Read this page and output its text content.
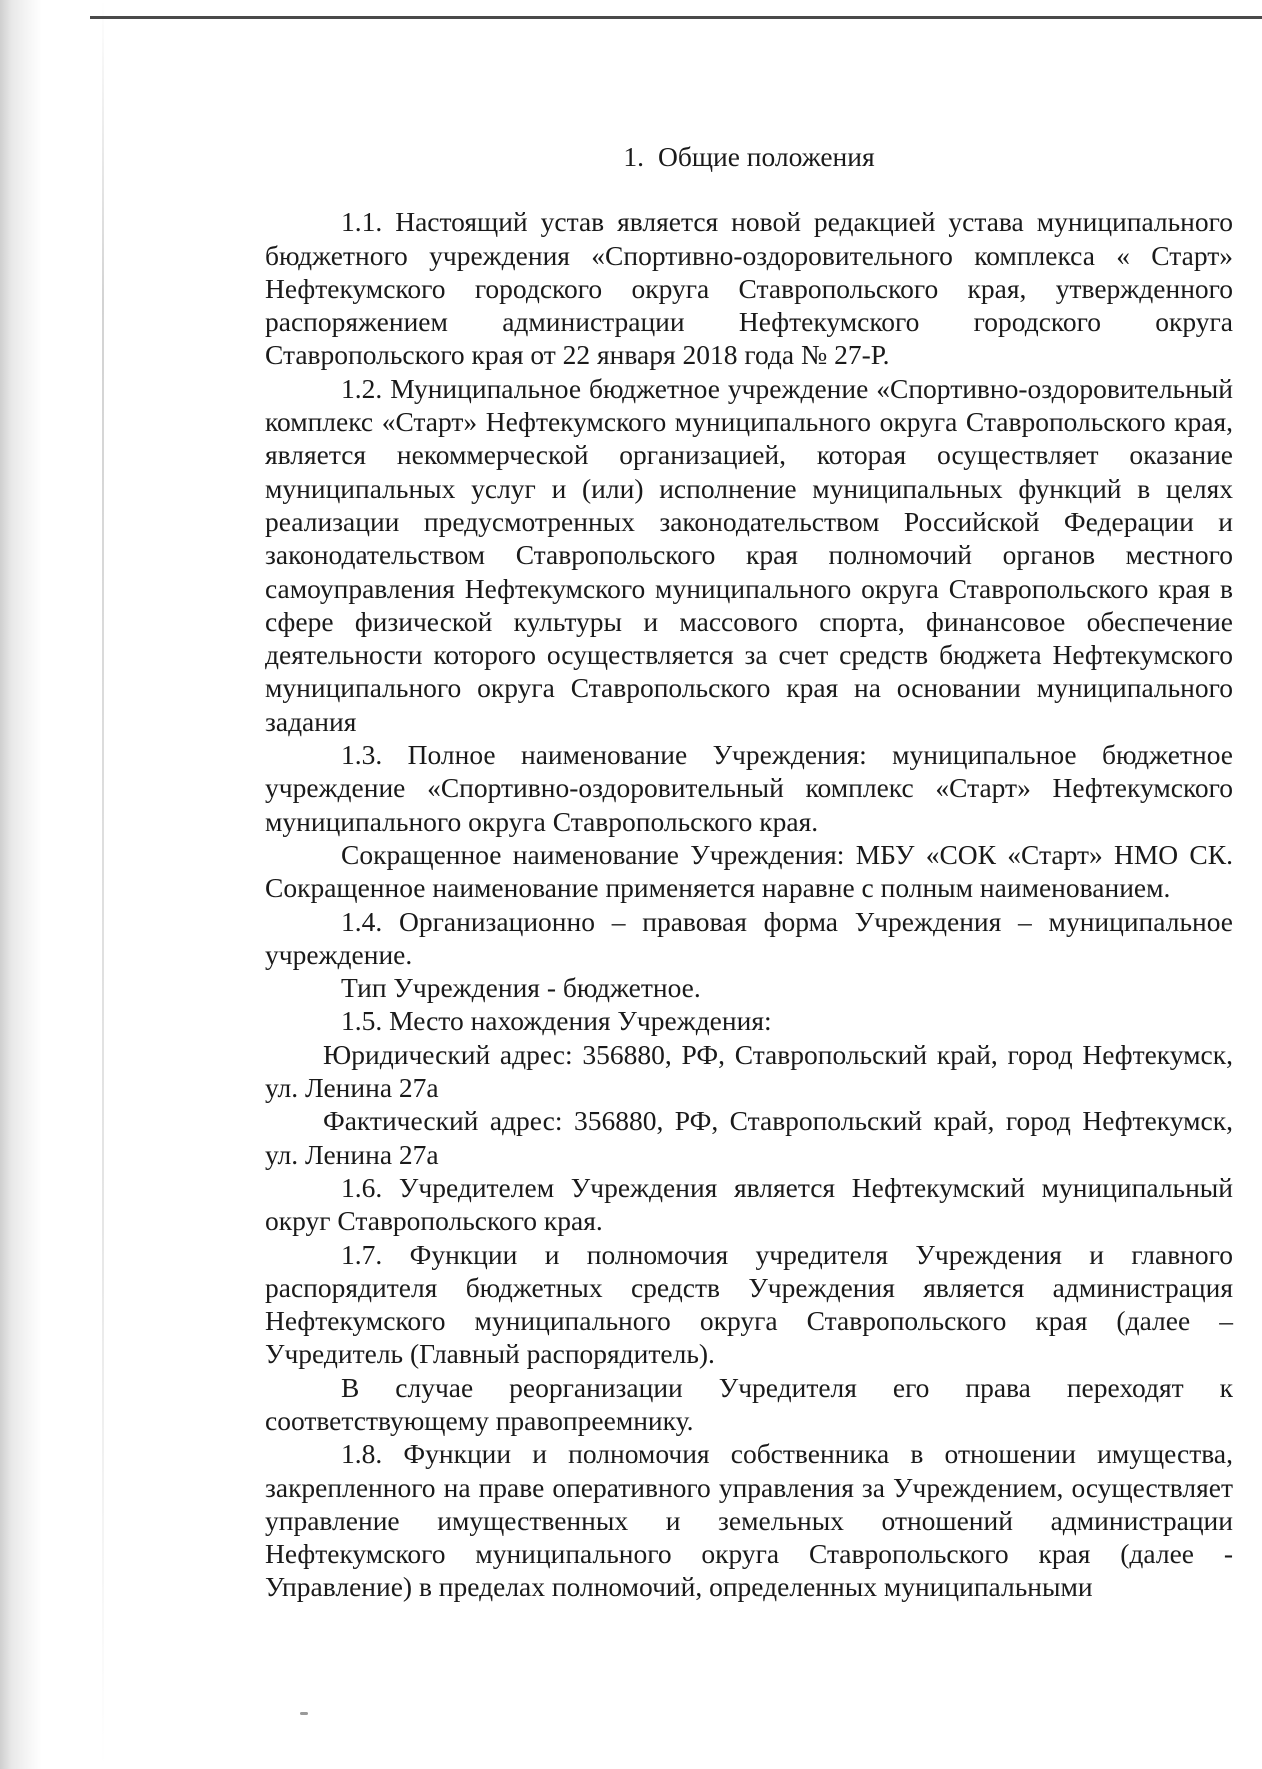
1. Общие положения

1.1. Настоящий устав является новой редакцией устава муниципального бюджетного учреждения «Спортивно-оздоровительного комплекса « Старт» Нефтекумского городского округа Ставропольского края, утвержденного распоряжением администрации Нефтекумского городского округа Ставропольского края от 22 января 2018 года № 27-Р.

1.2. Муниципальное бюджетное учреждение «Спортивно-оздоровительный комплекс «Старт» Нефтекумского муниципального округа Ставропольского края, является некоммерческой организацией, которая осуществляет оказание муниципальных услуг и (или) исполнение муниципальных функций в целях реализации предусмотренных законодательством Российской Федерации и законодательством Ставропольского края полномочий органов местного самоуправления Нефтекумского муниципального округа Ставропольского края в сфере физической культуры и массового спорта, финансовое обеспечение деятельности которого осуществляется за счет средств бюджета Нефтекумского муниципального округа Ставропольского края на основании муниципального задания

1.3. Полное наименование Учреждения: муниципальное бюджетное учреждение «Спортивно-оздоровительный комплекс «Старт» Нефтекумского муниципального округа Ставропольского края.

Сокращенное наименование Учреждения: МБУ «СОК «Старт» НМО СК. Сокращенное наименование применяется наравне с полным наименованием.

1.4. Организационно – правовая форма Учреждения – муниципальное учреждение.

Тип Учреждения - бюджетное.

1.5. Место нахождения Учреждения:

Юридический адрес: 356880, РФ, Ставропольский край, город Нефтекумск, ул. Ленина 27а

Фактический адрес: 356880, РФ, Ставропольский край, город Нефтекумск, ул. Ленина 27а

1.6. Учредителем Учреждения является Нефтекумский муниципальный округ Ставропольского края.

1.7. Функции и полномочия учредителя Учреждения и главного распорядителя бюджетных средств Учреждения является администрация Нефтекумского муниципального округа Ставропольского края (далее – Учредитель (Главный распорядитель).

В случае реорганизации Учредителя его права переходят к соответствующему правопреемнику.

1.8. Функции и полномочия собственника в отношении имущества, закрепленного на праве оперативного управления за Учреждением, осуществляет управление имущественных и земельных отношений администрации Нефтекумского муниципального округа Ставропольского края (далее - Управление) в пределах полномочий, определенных муниципальными
